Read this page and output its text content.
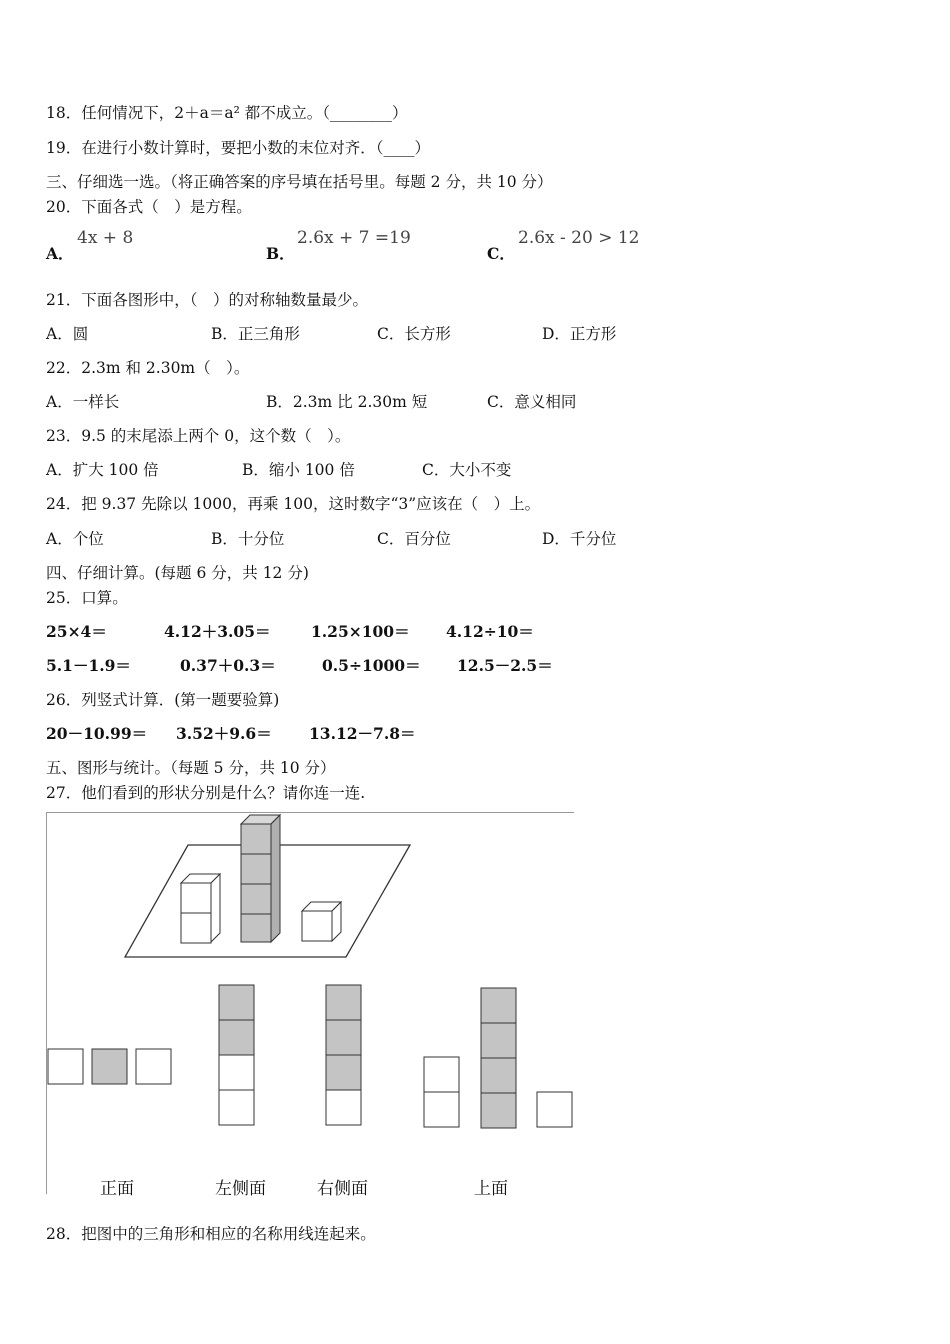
18．任何情况下，2＋a＝a² 都不成立。（________）
19．在进行小数计算时，要把小数的末位对齐．（____）
三、仔细选一选。（将正确答案的序号填在括号里。每题 2 分，共 10 分）
20．下面各式（　）是方程。
A．
4x + 8
B．
2.6x + 7 =19
C．
2.6x - 20 > 12
21．下面各图形中，（　）的对称轴数量最少。
A．圆	B．正三角形	C．长方形	D．正方形
22．2.3m 和 2.30m（　）。
A．一样长	B．2.3m 比 2.30m 短	C．意义相同
23．9.5 的末尾添上两个 0，这个数（　）。
A．扩大 100 倍	B．缩小 100 倍	C．大小不变
24．把 9.37 先除以 1000，再乘 100，这时数字“3”应该在（　）上。
A．个位	B．十分位	C．百分位	D．千分位
四、仔细计算。(每题 6 分，共 12 分)
25．口算。
25×4＝	4.12＋3.05＝	1.25×100＝ 4.12÷10＝
5.1－1.9＝	0.37＋0.3＝	0.5÷1000＝ 12.5－2.5＝
26．列竖式计算．(第一题要验算)
20－10.99＝ 3.52＋9.6＝ 13.12－7.8＝
五、图形与统计。（每题 5 分，共 10 分）
27．他们看到的形状分别是什么？请你连一连.
正面	左侧面	右侧面	上面
28．把图中的三角形和相应的名称用线连起来。
